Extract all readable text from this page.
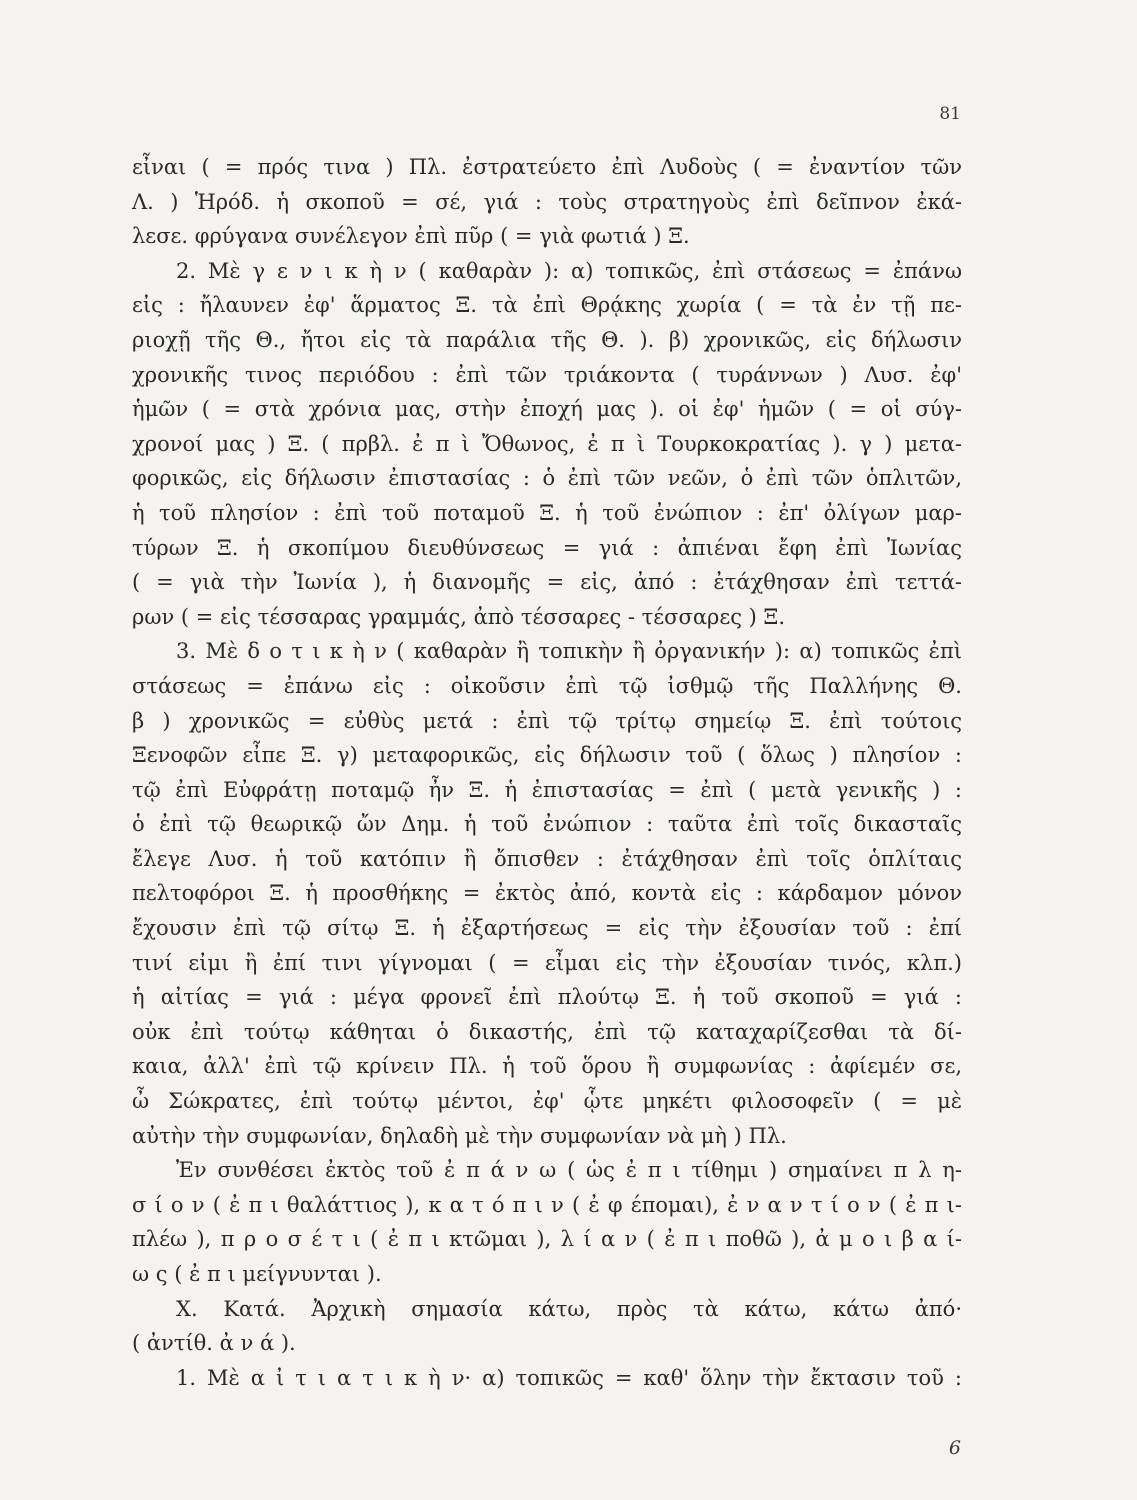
81
εἶναι ( = πρός τινα ) Πλ. ἐστρατεύετο ἐπὶ Λυδοὺς ( = ἐναντίον τῶν
Λ. ) Ἡρόδ. ἡ σκοποῦ = σέ, γιά : τοὺς στρατηγοὺς ἐπὶ δεῖπνον ἐκά-
λεσε. φρύγανα συνέλεγον ἐπὶ πῦρ ( = γιὰ φωτιά ) Ξ.
2. Μὲ γ ε ν ι κ ὴ ν ( καθαρὰν ): α) τοπικῶς, ἐπὶ στάσεως = ἐπάνω
εἰς : ἤλαυνεν ἐφ' ἅρματος Ξ. τὰ ἐπὶ Θρᾴκης χωρία ( = τὰ ἐν τῇ πε-
ριοχῇ τῆς Θ., ἤτοι εἰς τὰ παράλια τῆς Θ. ). β) χρονικῶς, εἰς δήλωσιν
χρονικῆς τινος περιόδου : ἐπὶ τῶν τριάκοντα ( τυράννων ) Λυσ. ἐφ'
ἡμῶν ( = στὰ χρόνια μας, στὴν ἐποχή μας ). οἱ ἐφ' ἡμῶν ( = οἱ σύγ-
χρονοί μας ) Ξ. ( πρβλ. ἐ π ὶ Ὄθωνος, ἐ π ὶ Τουρκοκρατίας ). γ ) μετα-
φορικῶς, εἰς δήλωσιν ἐπιστασίας : ὁ ἐπὶ τῶν νεῶν, ὁ ἐπὶ τῶν ὁπλιτῶν,
ἡ τοῦ πλησίον : ἐπὶ τοῦ ποταμοῦ Ξ. ἡ τοῦ ἐνώπιον : ἐπ' ὀλίγων μαρ-
τύρων Ξ. ἡ σκοπίμου διευθύνσεως = γιά : ἀπιέναι ἔφη ἐπὶ Ἰωνίας
( = γιὰ τὴν Ἰωνία ), ἡ διανομῆς = εἰς, ἀπό : ἐτάχθησαν ἐπὶ τεττά-
ρων ( = εἰς τέσσαρας γραμμάς, ἀπὸ τέσσαρες - τέσσαρες ) Ξ.
3. Μὲ δ ο τ ι κ ὴ ν ( καθαρὰν ἢ τοπικὴν ἢ ὀργανικήν ): α) τοπικῶς ἐπὶ
στάσεως = ἐπάνω εἰς : οἰκοῦσιν ἐπὶ τῷ ἰσθμῷ τῆς Παλλήνης Θ.
β ) χρονικῶς = εὐθὺς μετά : ἐπὶ τῷ τρίτῳ σημείῳ Ξ. ἐπὶ τούτοις
Ξενοφῶν εἶπε Ξ. γ) μεταφορικῶς, εἰς δήλωσιν τοῦ ( ὅλως ) πλησίον :
τῷ ἐπὶ Εὐφράτῃ ποταμῷ ἦν Ξ. ἡ ἐπιστασίας = ἐπὶ ( μετὰ γενικῆς ) :
ὁ ἐπὶ τῷ θεωρικῷ ὤν Δημ. ἡ τοῦ ἐνώπιον : ταῦτα ἐπὶ τοῖς δικασταῖς
ἔλεγε Λυσ. ἡ τοῦ κατόπιν ἢ ὄπισθεν : ἐτάχθησαν ἐπὶ τοῖς ὁπλίταις
πελτοφόροι Ξ. ἡ προσθήκης = ἐκτὸς ἀπό, κοντὰ εἰς : κάρδαμον μόνον
ἔχουσιν ἐπὶ τῷ σίτῳ Ξ. ἡ ἐξαρτήσεως = εἰς τὴν ἐξουσίαν τοῦ : ἐπί
τινί εἰμι ἢ ἐπί τινι γίγνομαι ( = εἶμαι εἰς τὴν ἐξουσίαν τινός, κλπ.)
ἡ αἰτίας = γιά : μέγα φρονεῖ ἐπὶ πλούτῳ Ξ. ἡ τοῦ σκοποῦ = γιά :
οὐκ ἐπὶ τούτῳ κάθηται ὁ δικαστής, ἐπὶ τῷ καταχαρίζεσθαι τὰ δί-
καια, ἀλλ' ἐπὶ τῷ κρίνειν Πλ. ἡ τοῦ ὅρου ἢ συμφωνίας : ἀφίεμέν σε,
ὦ Σώκρατες, ἐπὶ τούτῳ μέντοι, ἐφ' ᾧτε μηκέτι φιλοσοφεῖν ( = μὲ
αὐτὴν τὴν συμφωνίαν, δηλαδὴ μὲ τὴν συμφωνίαν νὰ μὴ ) Πλ.
Ἐν συνθέσει ἐκτὸς τοῦ ἐ π ά ν ω ( ὡς ἐ π ι τίθημι ) σημαίνει π λ η-
σ ί ο ν ( ἐ π ι θαλάττιος ), κ α τ ό π ι ν ( ἐ φ έπομαι), ἐ ν α ν τ ί ο ν ( ἐ π ι-
πλέω ), π ρ ο σ έ τ ι ( ἐ π ι κτῶμαι ), λ ί α ν ( ἐ π ι ποθῶ ), ἀ μ ο ι β α ί-
ω ς ( ἐ π ι μείγνυνται ).
Χ. Κατά. Ἀρχικὴ σημασία κάτω, πρὸς τὰ κάτω, κάτω ἀπό·
( ἀντίθ. ἀ ν ά ).
1. Μὲ α ἰ τ ι α τ ι κ ὴ ν· α) τοπικῶς = καθ' ὅλην τὴν ἔκτασιν τοῦ :
6
